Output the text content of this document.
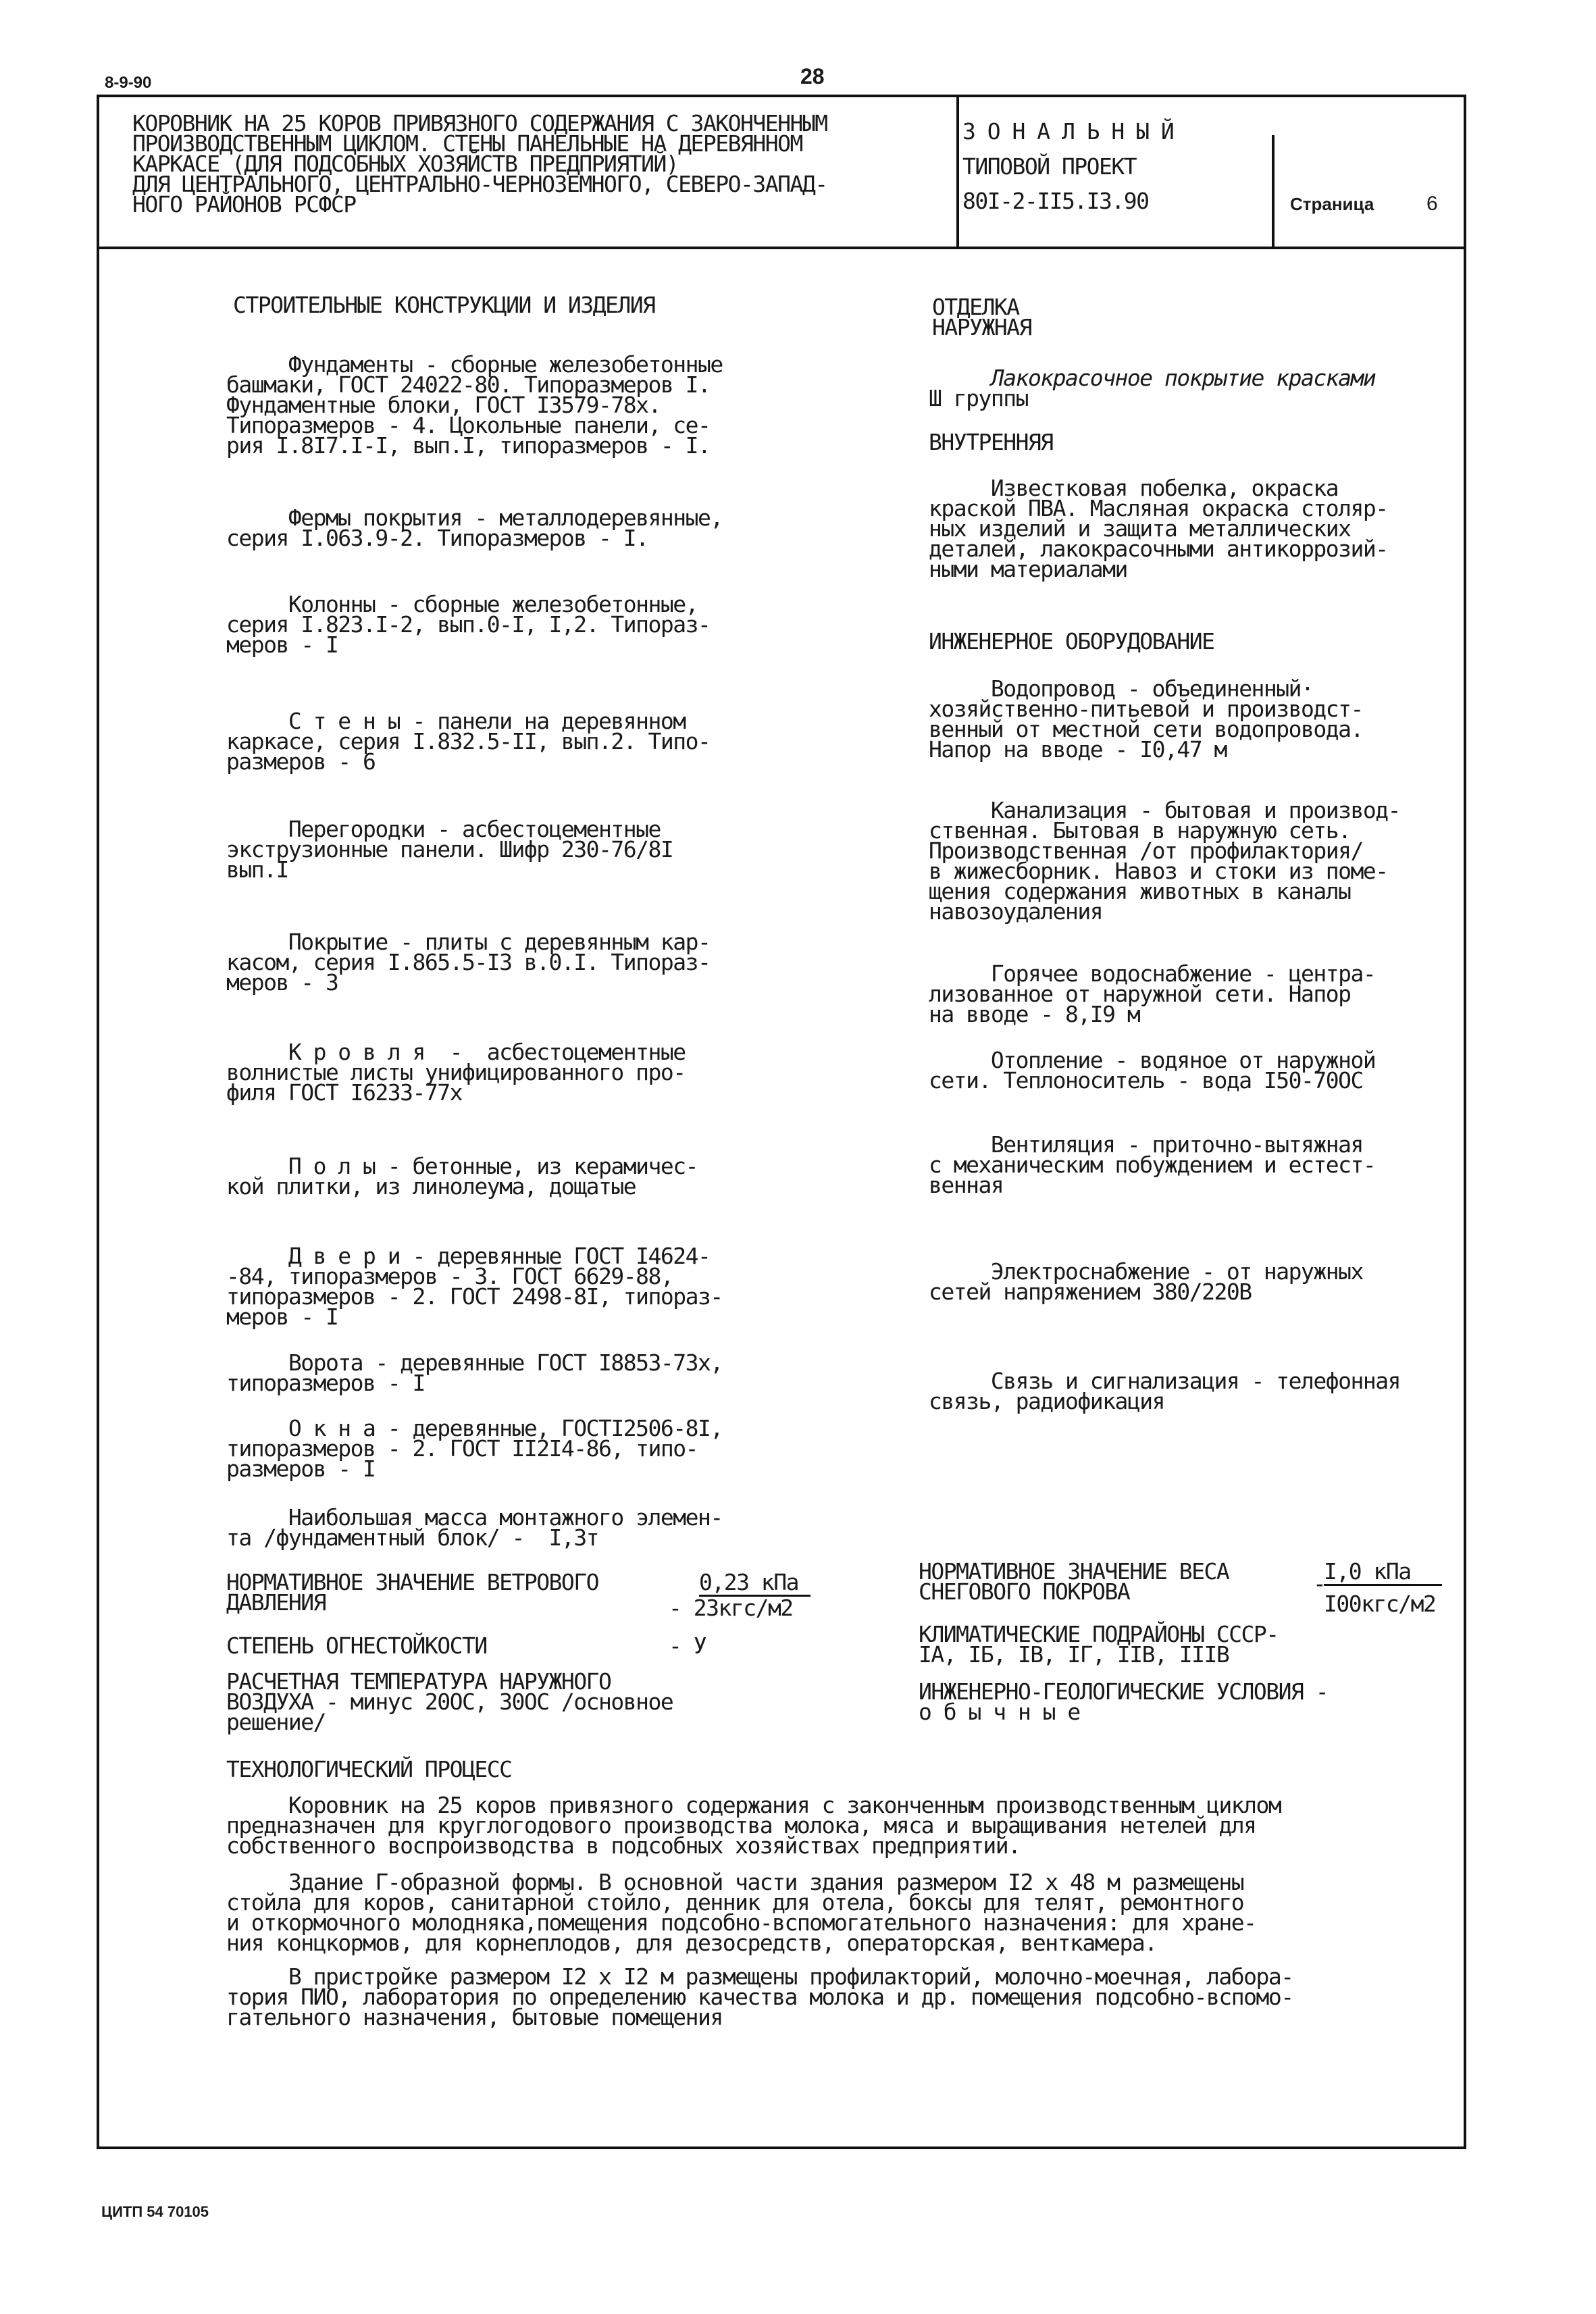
8-9-90	28
КОРОВНИК НА 25 КОРОВ ПРИВЯЗНОГО СОДЕРЖАНИЯ С ЗАКОНЧЕННЫМ
ПРОИЗВОДСТВЕННЫМ ЦИКЛОМ. СТЕНЫ ПАНЕЛЬНЫЕ НА ДЕРЕВЯННОМ
КАРКАСЕ (ДЛЯ ПОДСОБНЫХ ХОЗЯЙСТВ ПРЕДПРИЯТИЙ)
ДЛЯ ЦЕНТРАЛЬНОГО, ЦЕНТРАЛЬНО-ЧЕРНОЗЕМНОГО, СЕВЕРО-ЗАПАД-
НОГО РАЙОНОВ РСФСР
З О Н А Л Ь Н Ы Й
ТИПОВОЙ ПРОЕКТ
80I-2-II5.I3.90	Страница	6
СТРОИТЕЛЬНЫЕ КОНСТРУКЦИИ И ИЗДЕЛИЯ
Фундаменты - сборные железобетонные
башмаки, ГОСТ 24022-80. Типоразмеров I.
Фундаментные блоки, ГОСТ I3579-78х.
Типоразмеров - 4. Цокольные панели, се-
рия I.8I7.I-I, вып.I, типоразмеров - I.
Фермы покрытия - металлодеревянные,
серия I.063.9-2. Типоразмеров - I.
Колонны - сборные железобетонные,
серия I.823.I-2, вып.0-I, I,2. Типораз-
меров - I
С т е н ы - панели на деревянном
каркасе, серия I.832.5-II, вып.2. Типо-
размеров - 6
Перегородки - асбестоцементные
экструзионные панели. Шифр 230-76/8I
вып.I
Покрытие - плиты с деревянным кар-
касом, серия I.865.5-I3 в.0.I. Типораз-
меров - 3
К р о в л я  -  асбестоцементные
волнистые листы унифицированного про-
филя ГОСТ I6233-77х
П о л ы - бетонные, из керамичес-
кой плитки, из линолеума, дощатые
Д в е р и - деревянные ГОСТ I4624-
-84, типоразмеров - 3. ГОСТ 6629-88,
типоразмеров - 2. ГОСТ 2498-8I, типораз-
меров - I
Ворота - деревянные ГОСТ I8853-73х,
типоразмеров - I
О к н а - деревянные, ГОСТI2506-8I,
типоразмеров - 2. ГОСТ II2I4-86, типо-
размеров - I
Наибольшая масса монтажного элемен-
та /фундаментный блок/ -  I,3т
НОРМАТИВНОЕ ЗНАЧЕНИЕ ВЕТРОВОГО
ДАВЛЕНИЯ
0,23 кПа
- 23кгс/м2
СТЕПЕНЬ ОГНЕСТОЙКОСТИ	- У
РАСЧЕТНАЯ ТЕМПЕРАТУРА НАРУЖНОГО
ВОЗДУХА - минус 20ОС, 30ОС /основное
решение/
ОТДЕЛКА
НАРУЖНАЯ
Лакокрасочное покрытие красками
Ш группы
ВНУТРЕННЯЯ
Известковая побелка, окраска
краской ПВА. Масляная окраска столяр-
ных изделий и защита металлических
деталей, лакокрасочными антикоррозий-
ными материалами
ИНЖЕНЕРНОЕ ОБОРУДОВАНИЕ
Водопровод - объединенный·
хозяйственно-питьевой и производст-
венный от местной сети водопровода.
Напор на вводе - I0,47 м
Канализация - бытовая и производ-
ственная. Бытовая в наружную сеть.
Производственная /от профилактория/
в жижесборник. Навоз и стоки из поме-
щения содержания животных в каналы
навозоудаления
Горячее водоснабжение - центра-
лизованное от наружной сети. Напор
на вводе - 8,I9 м
Отопление - водяное от наружной
сети. Теплоноситель - вода I50-70ОС
Вентиляция - приточно-вытяжная
с механическим побуждением и естест-
венная
Электроснабжение - от наружных
сетей напряжением 380/220В
Связь и сигнализация - телефонная
связь, радиофикация
НОРМАТИВНОЕ ЗНАЧЕНИЕ ВЕСА
СНЕГОВОГО ПОКРОВА
I,0 кПа
-
I00кгс/м2
КЛИМАТИЧЕСКИЕ ПОДРАЙОНЫ СССР-
IА, IБ, IВ, IГ, IIВ, IIIВ
ИНЖЕНЕРНО-ГЕОЛОГИЧЕСКИЕ УСЛОВИЯ -
о б ы ч н ы е
ТЕХНОЛОГИЧЕСКИЙ ПРОЦЕСС
Коровник на 25 коров привязного содержания с законченным производственным циклом
предназначен для круглогодового производства молока, мяса и выращивания нетелей для
собственного воспроизводства в подсобных хозяйствах предприятий.
Здание Г-образной формы. В основной части здания размером I2 х 48 м размещены
стойла для коров, санитарной стойло, денник для отела, боксы для телят, ремонтного
и откормочного молодняка,помещения подсобно-вспомогательного назначения: для хране-
ния концкормов, для корнеплодов, для дезосредств, операторская, венткамера.
В пристройке размером I2 х I2 м размещены профилакторий, молочно-моечная, лабора-
тория ПИО, лаборатория по определению качества молока и др. помещения подсобно-вспомо-
гательного назначения, бытовые помещения
ЦИТП 54 70105
